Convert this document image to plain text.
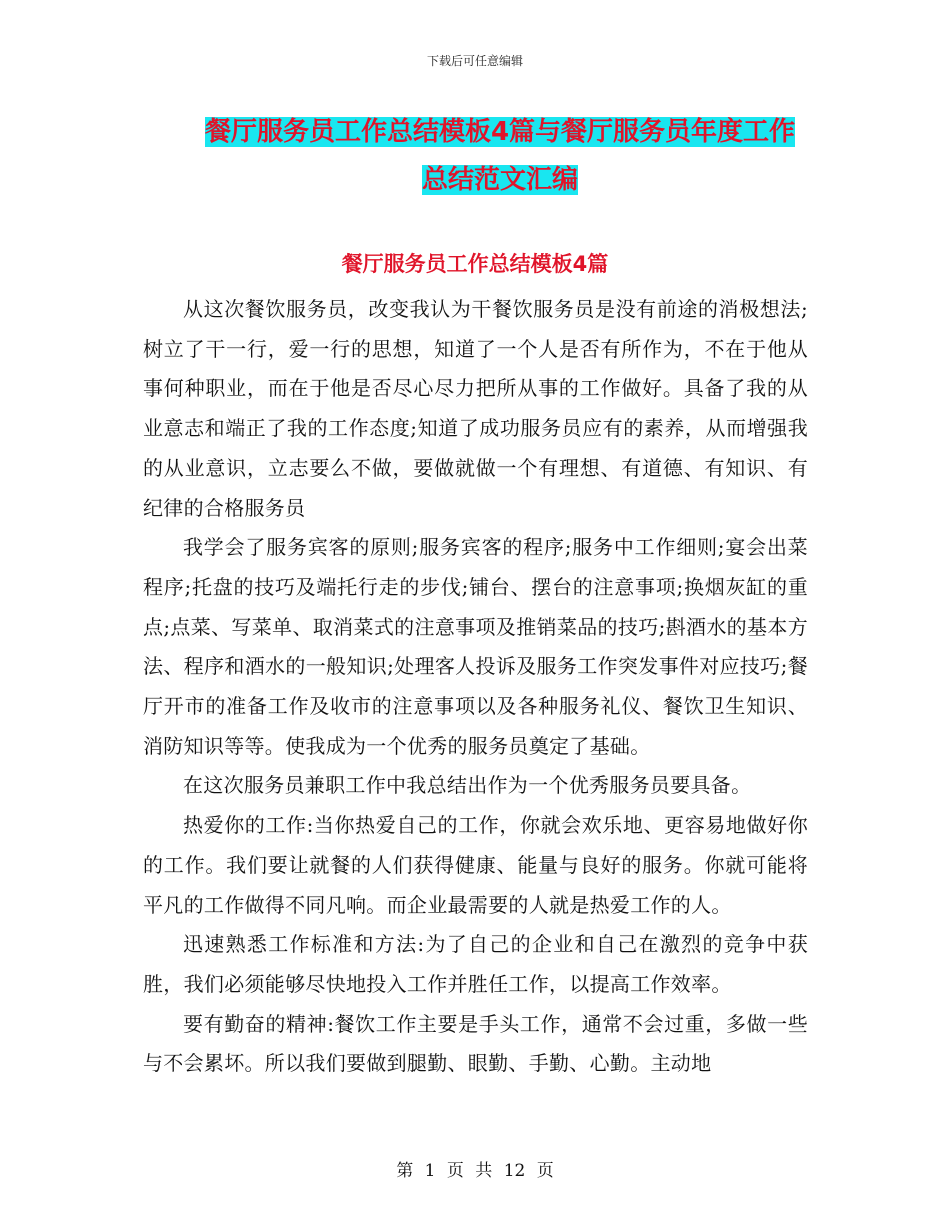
下载后可任意编辑
餐厅服务员工作总结模板4篇与餐厅服务员年度工作
总结范文汇编
餐厅服务员工作总结模板4篇

从这次餐饮服务员，改变我认为干餐饮服务员是没有前途的消极想法;树立了干一行，爱一行的思想，知道了一个人是否有所作为，不在于他从事何种职业，而在于他是否尽心尽力把所从事的工作做好。具备了我的从业意志和端正了我的工作态度;知道了成功服务员应有的素养，从而增强我的从业意识，立志要么不做，要做就做一个有理想、有道德、有知识、有纪律的合格服务员

我学会了服务宾客的原则;服务宾客的程序;服务中工作细则;宴会出菜程序;托盘的技巧及端托行走的步伐;铺台、摆台的注意事项;换烟灰缸的重点;点菜、写菜单、取消菜式的注意事项及推销菜品的技巧;斟酒水的基本方法、程序和酒水的一般知识;处理客人投诉及服务工作突发事件对应技巧;餐厅开市的准备工作及收市的注意事项以及各种服务礼仪、餐饮卫生知识、消防知识等等。使我成为一个优秀的服务员奠定了基础。

在这次服务员兼职工作中我总结出作为一个优秀服务员要具备。

热爱你的工作:当你热爱自己的工作，你就会欢乐地、更容易地做好你的工作。我们要让就餐的人们获得健康、能量与良好的服务。你就可能将平凡的工作做得不同凡响。而企业最需要的人就是热爱工作的人。

迅速熟悉工作标准和方法:为了自己的企业和自己在激烈的竞争中获胜，我们必须能够尽快地投入工作并胜任工作，以提高工作效率。

要有勤奋的精神:餐饮工作主要是手头工作，通常不会过重，多做一些与不会累坏。所以我们要做到腿勤、眼勤、手勤、心勤。主动地

第 1 页 共 12 页
